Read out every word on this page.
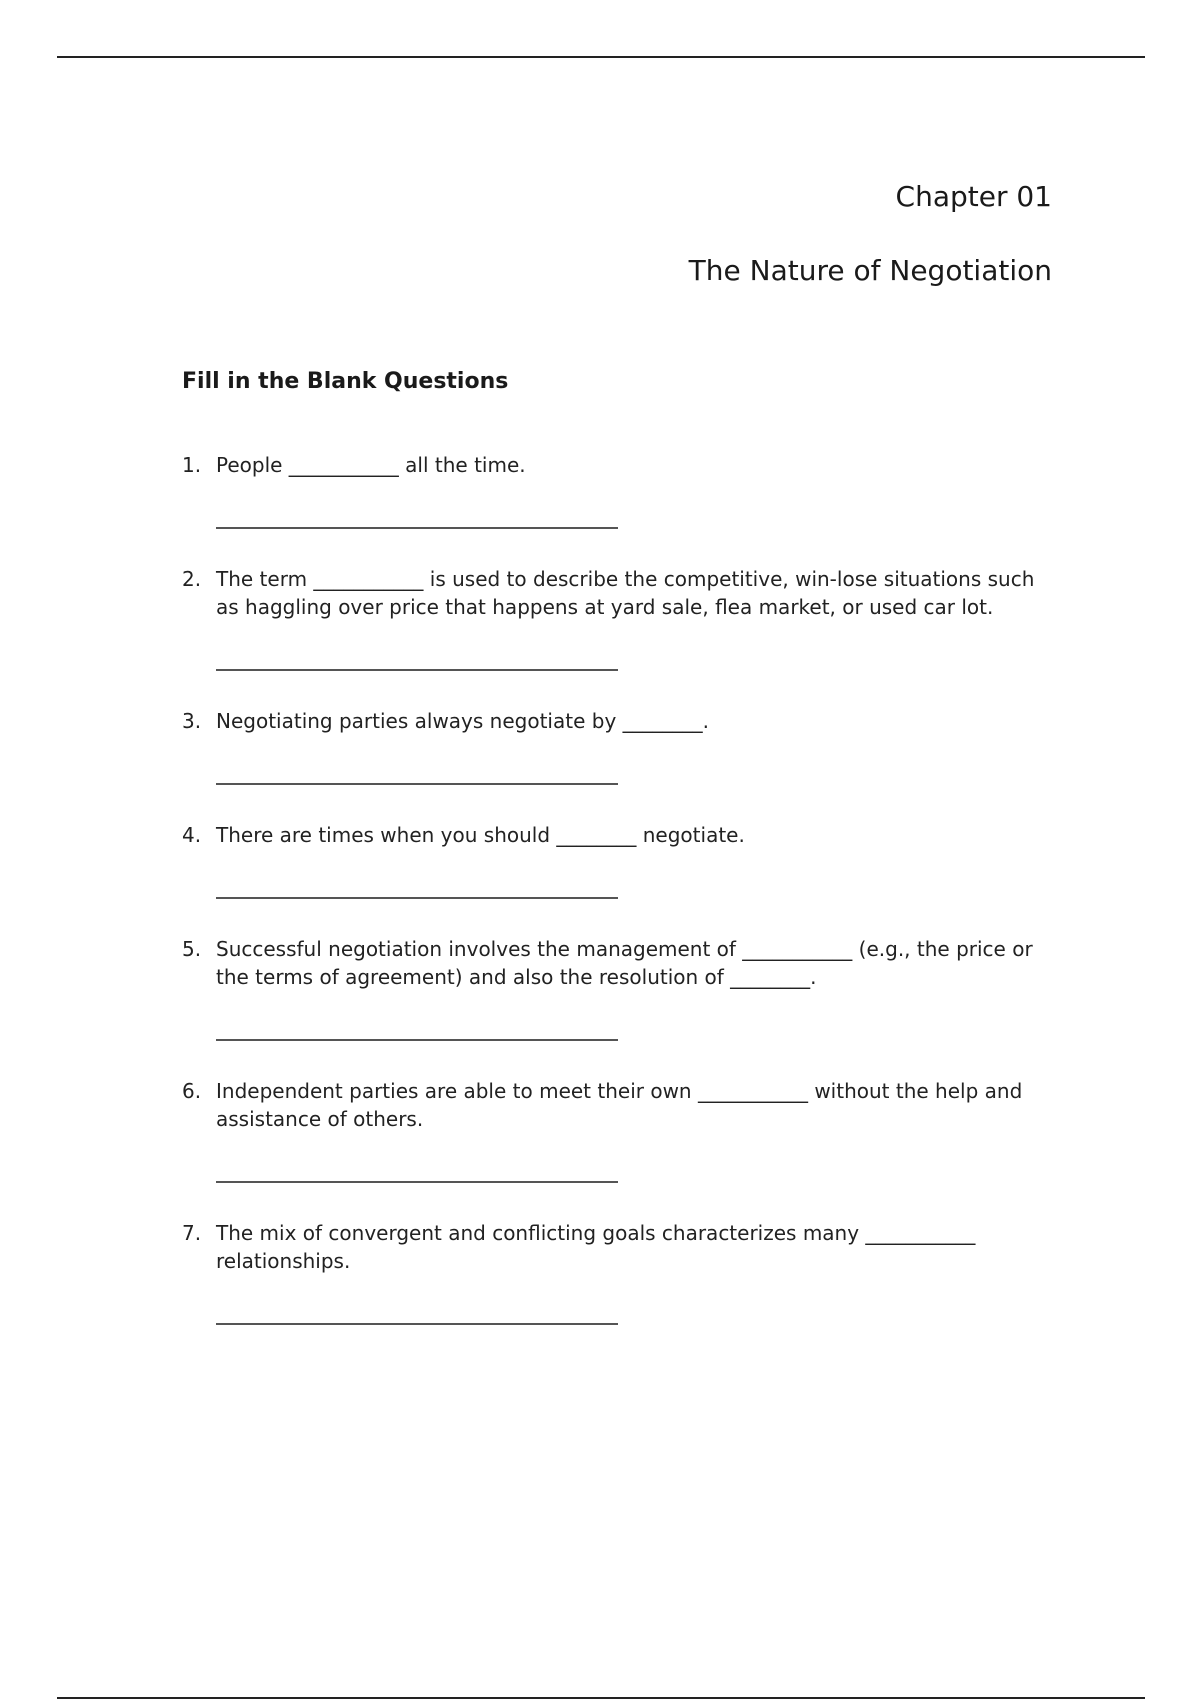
Chapter 01
The Nature of Negotiation
Fill in the Blank Questions
1. People ___________ all the time.
2. The term ___________ is used to describe the competitive, win-lose situations such as haggling over price that happens at yard sale, flea market, or used car lot.
3. Negotiating parties always negotiate by ________.
4. There are times when you should ________ negotiate.
5. Successful negotiation involves the management of ___________ (e.g., the price or the terms of agreement) and also the resolution of ________.
6. Independent parties are able to meet their own ___________ without the help and assistance of others.
7. The mix of convergent and conflicting goals characterizes many ___________ relationships.
